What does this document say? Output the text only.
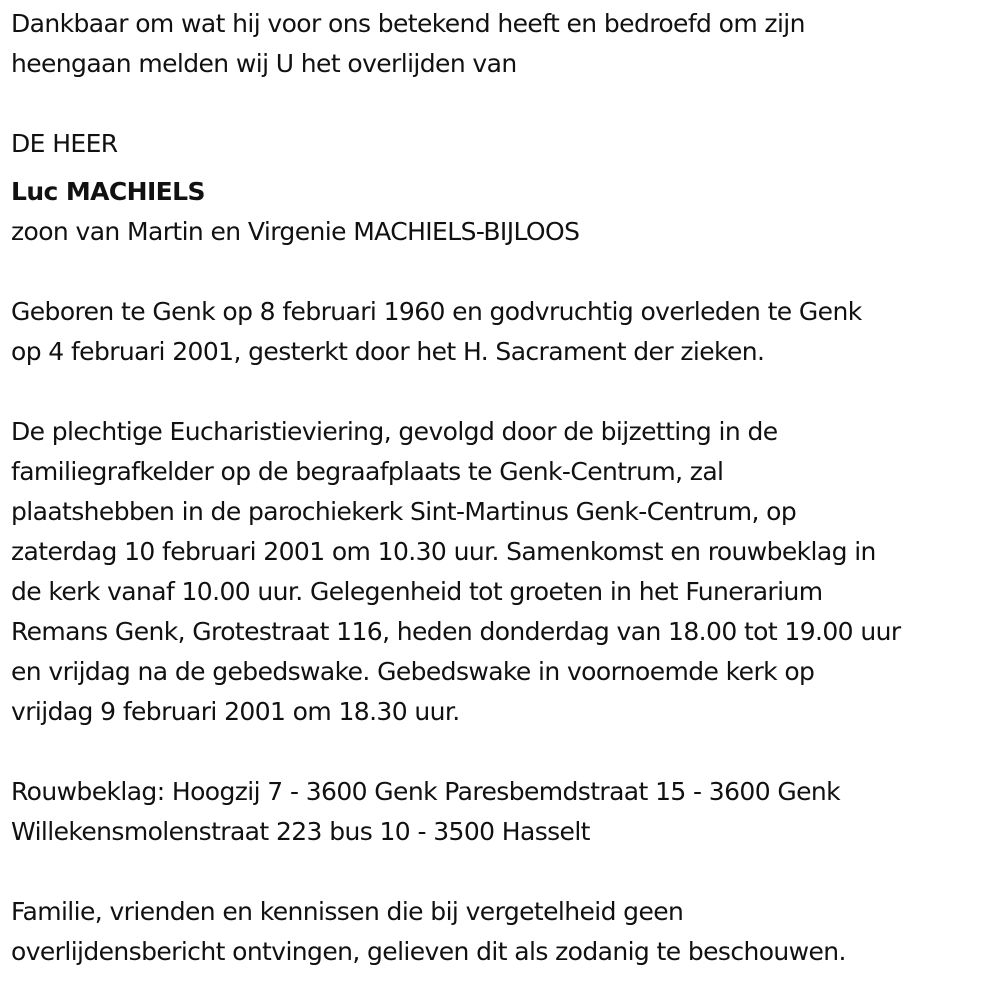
Dankbaar om wat hij voor ons betekend heeft en bedroefd om zijn
heengaan melden wij U het overlijden van
DE HEER
Luc MACHIELS
zoon van Martin en Virgenie MACHIELS-BIJLOOS
Geboren te Genk op 8 februari 1960 en godvruchtig overleden te Genk
op 4 februari 2001, gesterkt door het H. Sacrament der zieken.
De plechtige Eucharistieviering, gevolgd door de bijzetting in de
familiegrafkelder op de begraafplaats te Genk-Centrum, zal
plaatshebben in de parochiekerk Sint-Martinus Genk-Centrum, op
zaterdag 10 februari 2001 om 10.30 uur. Samenkomst en rouwbeklag in
de kerk vanaf 10.00 uur. Gelegenheid tot groeten in het Funerarium
Remans Genk, Grotestraat 116, heden donderdag van 18.00 tot 19.00 uur
en vrijdag na de gebedswake. Gebedswake in voornoemde kerk op
vrijdag 9 februari 2001 om 18.30 uur.
Rouwbeklag: Hoogzij 7 - 3600 Genk Paresbemdstraat 15 - 3600 Genk
Willekensmolenstraat 223 bus 10 - 3500 Hasselt
Familie, vrienden en kennissen die bij vergetelheid geen
overlijdensbericht ontvingen, gelieven dit als zodanig te beschouwen.
